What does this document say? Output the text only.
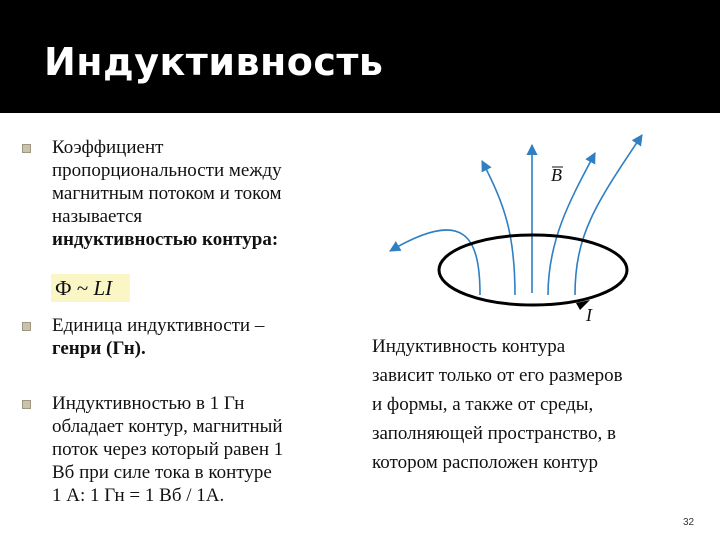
Индуктивность
Коэффициент
пропорциональности между
магнитным потоком и током
называется
индуктивностью контура:
Ф ~ LI
Единица индуктивности –
генри (Гн).
Индуктивностью в 1 Гн
обладает контур, магнитный
поток через который равен 1
Вб при силе тока в контуре
1 А: 1 Гн = 1 Вб / 1А.
B
I
Индуктивность контура
зависит только от его размеров
и формы, а также от среды,
заполняющей пространство, в
котором расположен контур
32
